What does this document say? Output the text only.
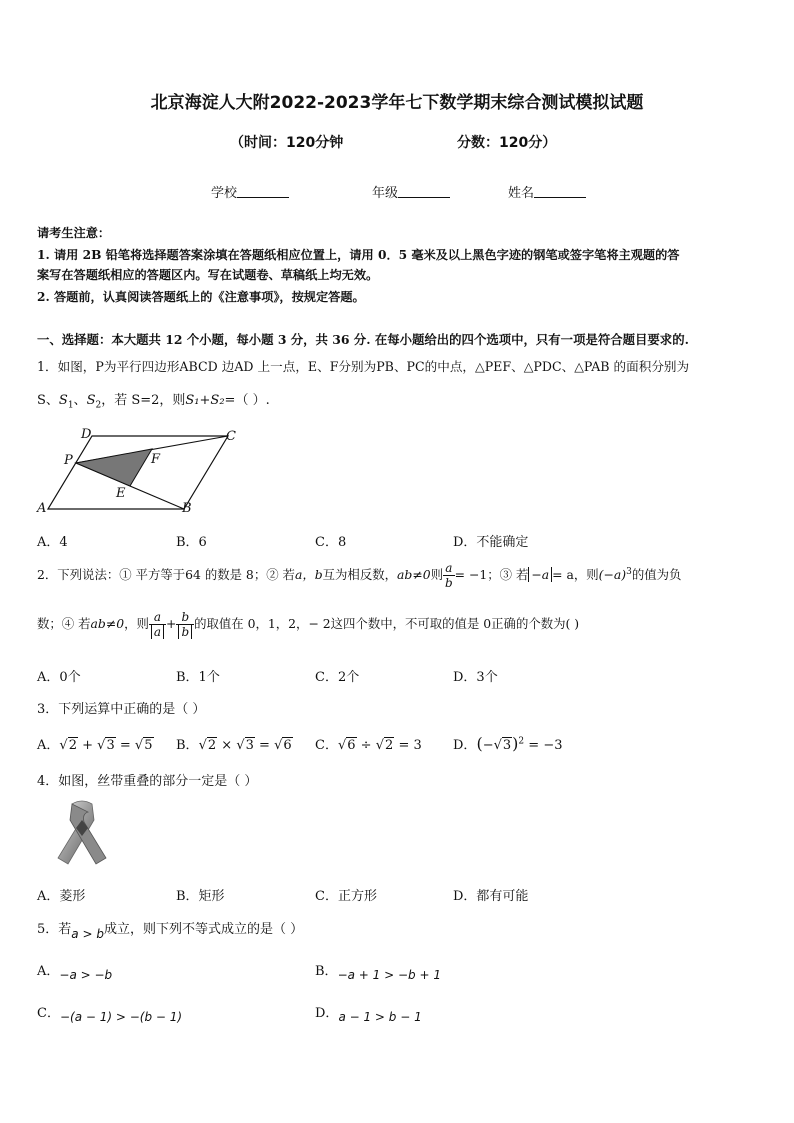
北京海淀人大附2022-2023学年七下数学期末综合测试模拟试题
（时间：120分钟	分数：120分）
学校	年级	姓名
请考生注意：
1. 请用 2B 铅笔将选择题答案涂填在答题纸相应位置上，请用 0．5 毫米及以上黑色字迹的钢笔或签字笔将主观题的答
案写在答题纸相应的答题区内。写在试题卷、草稿纸上均无效。
2. 答题前，认真阅读答题纸上的《注意事项》，按规定答题。
一、选择题：本大题共 12 个小题，每小题 3 分，共 36 分. 在每小题给出的四个选项中，只有一项是符合题目要求的.
1．如图，P为平行四边形ABCD 边AD 上一点，E、F分别为PB、PC的中点，△PEF、△PDC、△PAB 的面积分别为
S、$S_1$、$S_2$，若 S=2，则S₁+S₂=（ ）.
D	C
P	F
E
A	B
A．4	B．6	C．8	D．不能确定
2．下列说法：① 平方等于64 的数是 8；② 若a，b互为相反数，ab≠0则 $\frac{a}{b} = -1$；③ 若 −a = a，则$(-a)^3$的值为负
数；④ 若ab≠0，则 $\frac{a}{a} + \frac{b}{b}$ 的取值在 0，1，2，− 2这四个数中，不可取的值是 0正确的个数为( )
A．0个	B．1个	C．2个	D．3个
3．下列运算中正确的是（ ）
A．√2 + √3 = √5 B．√2 × √3 = √6 C．√6 ÷ √2 = 3 D．$(-√3)^2 = -3$
4．如图，丝带重叠的部分一定是（ ）
A．菱形	B．矩形	C．正方形	D．都有可能
5．若a > b成立，则下列不等式成立的是（ ）
A．−a > −b	B．−a + 1 > −b + 1
C．−(a − 1) > −(b − 1)	D．a − 1 > b − 1
